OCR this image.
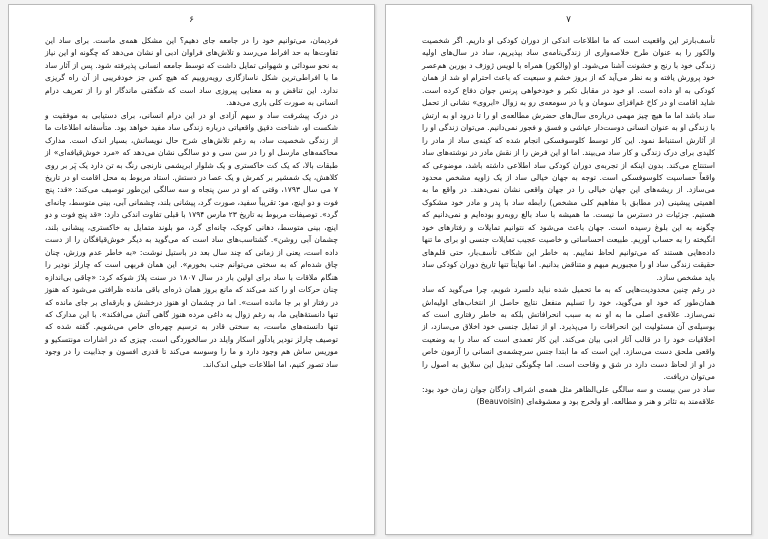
۶

فردیمان، می‌توانیم خود را در جامعه جای دهیم؟ این مشکل همه‌ی ماست. برای ساد این تفاوت‌ها به حد افراط می‌رسد و تلاش‌های فراوان ادبی او نشان می‌دهد که چگونه او این نیاز به نحو سودائی و شهوانی تمایل داشت که توسط جامعه انسانی پذیرفته شود. پس از آثار ساد ما با افراطی‌ترین شکل ناسازگاری رویه‌روییم که هیچ کس جز خودفریبی از آن راه گریزی ندارد. این تناقض و به معنایی پیروزی ساد است که شگفتی ماندگار او را از تعریف درام انسانی به صورت کلی باری می‌دهد.

در درک پیشرفت ساد و سهم آزادی او در این درام انسانی، برای دستیابی به موفقیت و شکست او، شناخت دقیق واقعیاتی درباره زندگی ساد مفید خواهد بود. متأسفانه اطلاعات ما از زندگی شخصیت ساد، به رغم تلاش‌های شرح حال نویسانش، بسیار اندک است. مدارک محاکمه‌های مارسل او را در سن سی و دو سالگی نشان می‌دهد که «مرد خوش‌قیافه‌ای» از طبقات بالا، که یک کت خاکستری و یک شلوار ابریشمی نارنجی رنگ به تن دارد یک پَر بر روی کلاهش، یک شمشیر بر کمرش و یک عصا در دستش. استاد مربوط به محل اقامت او در تاریخ ۷ می سال ۱۷۹۳، وقتی که او در سن پنجاه و سه سالگی این‌طور توصیف می‌کند: «قد: پنج فوت و دو اینچ، مو: تقریباً سفید، صورت گرد، پیشانی بلند، چشمانی آبی، بینی متوسط، چانه‌ای گرد». توصیفات مربوط به تاریخ ۲۳ مارس ۱۷۹۴ با قبلی تفاوت اندکی دارد: «قد پنج فوت و دو اینچ، بینی متوسط، دهانی کوچک، چانه‌ای گرد، مو بلوند متمایل به خاکستری، پیشانی بلند، چشمان آبی روشن». گشتاسب‌های ساد است که می‌گوید به دیگر خوش‌قیافگان را از دست داده است، یعنی از زمانی که چند سال بعد در باستیل نوشت: «به خاطر عدم ورزش، چنان چاق شده‌ام که به سختی می‌توانم جنب بخورم». این همان فربهی است که چارلز نودیر را هنگام ملاقات با ساد برای اولین بار در سال ۱۸۰۷ در سنت پلاژ شوکه کرد: «چاقی بی‌اندازه چنان حرکات او را کند می‌کند که مانع بروز همان ذره‌ای باقی مانده ظرافتی می‌شود که هنوز در رفتار او بر جا مانده است». اما در چشمان او هنوز درخشش و بارقه‌ای بر جای مانده که تنها دانستهٔ‌هایی ما، به‌ رغم زوال به داغی مرده هنوز گاهی آتش می‌افکند». با این مدارک که تنها دانسته‌های ماست، به سختی قادر به ترسیم چهره‌ای خاص می‌شویم. گفته شده که توصیف چارلز نودیر یادآور اسکار وایلد در سالخوردگی است. چیزی که در اشارات مونتسکیو و موریس ساش هم وجود دارد و ما را وسوسه می‌کند تا قدری افسون و جذابیت را در وجود ساد تصور کنیم، اما اطلاعات خیلی اندک‌اند.

۷

تأسف‌بارتر این واقعیت است که ما اطلاعات اندکی از دوران کودکی او داریم. اگر شخصیت والکور را به عنوان طرح خلاصه‌واری از زندگی‌نامه‌ی ساد بپذیریم، ساد در سال‌های اولیه زندگی خود با رنج و خشونت آشنا می‌شود. او (والکور) همراه با لویس ژوزف د بوربن هم‌عصر خود پرورش یافته و به نظر می‌آید که از بروز خشم و سبعیت که باعث احترام او شد از همان کودکی به او داده است. او خود در مقابل تکبر و خودخواهی پرنس جوان دفاع کرده است. شاید اقامت او در کاخ غم‌افزای سومان و یا در سومعه‌ی رو به زوال «ابروی» نشانی از تحمل ساد باشد اما ما هیچ چیز مهمی درباره‌ی سال‌های حضرش مطالعه‌ی او را تا درود او به ارتش با زندگی او به عنوان انسانی دوست‌دار عیاشی و فسق و فجور نمی‌دانیم. می‌توان زندگی او را از آثارش استنباط نمود. این کار توسط کلوسوفسکی انجام شده که کینه‌ی ساد از مادر را کلیدی برای درک زندگی و کار ساد می‌بیند. اما او این فرض را از نقش مادر در نوشته‌های ساد استنتاج می‌کند. بدون اینکه از تجربه‌ی دوران کودکی ساد اطلاعی داشته باشد، موضوعی که واقعاً حساسیت کلوسوفسکی است. توجه به جهان خیالی ساد از یک زاویه مشخص محدود می‌سازد. از ریشه‌های این جهان خیالی را در جهان واقعی نشان نمی‌دهند. در واقع ما به اهمیتی پیشینی (در مطابق با مفاهیم کلی مشخص) رابطه ساد با پدر و مادر خود مشکوک هستیم. جزئیات در دسترس ما نیست. ما همیشه با ساد بالغ روبه‌رو بوده‌ایم و نمی‌دانیم که چگونه به این بلوغ رسیده است. جهان باعث می‌شود که نتوانیم تمایلات و رفتارهای خود انگیخته را به حساب آوریم. طبیعت احساساتی و خاصیت عجیب تمایلات جنسی او برای ما تنها داده‌هایی هستند که می‌توانیم لحاظ نماییم. به خاطر این شکاف تأسف‌بار، حتی قلم‌های حقیقت زندگی ساد او را مجبوریم مبهم و متناقض بدانیم. اما نهایتاً تنها تاریخ دوران کودکی ساد باید مشخص سازد.

در رغم چنین محدودیت‌هایی که به ما تحمیل شده نباید دلسرد شویم، چرا می‌گوید که ساد همان‌طور که خود او می‌گوید، خود را تسلیم منفعل نتایج حاصل از انتخاب‌های اولیه‌اش نمی‌سازد. علاقه‌ی اصلی ما به او نه به سبب انحرافاتش بلکه به خاطر رفتاری است که بوسیله‌ی آن مسئولیت این انحرافات را می‌پذیرد. او از تمایل جنسی خود اخلاق می‌سازد، از اخلاقیات خود را در قالب آثار ادبی بیان می‌کند. این کار تعمدی است که ساد را به وضعیت واقعی ملحق دست می‌سازد. این است که ما ابتدا جنس سرچشمه‌ی انسانی را آزمون خاص در او از لحاظ دست دارد در شق و وقاحت است. اما چگونگی تبدیل این سلایق به اصول را می‌توان دریافت.

ساد در سن بیست و سه سالگی علی‌الظاهر مثل همه‌ی اشراف زادگان جوان زمان خود بود: علاقه‌مند به تئاتر و هنر و مطالعه. او ولخرج بود و معشوقه‌ای (Beauvoisin)
